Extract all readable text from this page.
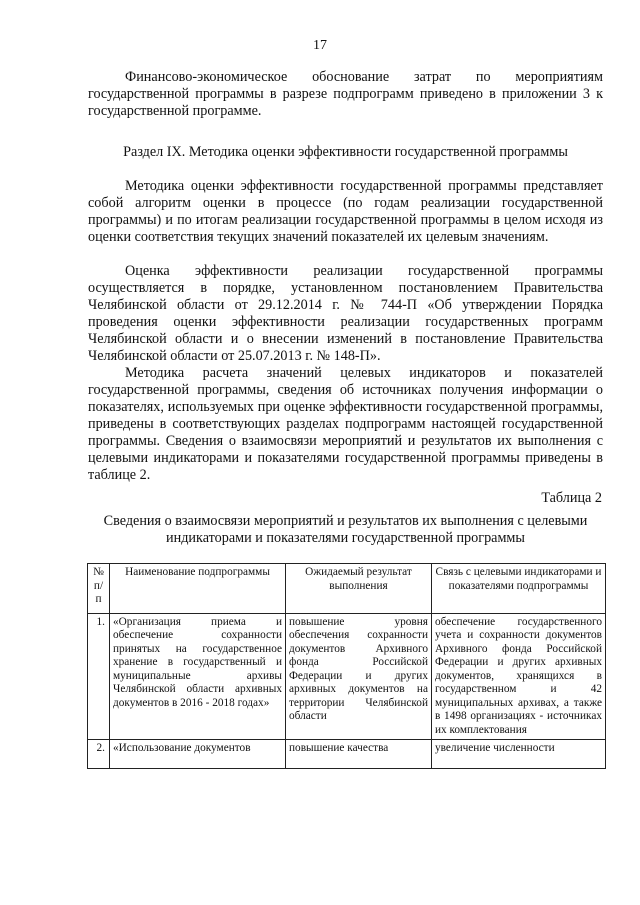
17

Финансово-экономическое обоснование затрат по мероприятиям государственной программы в разрезе подпрограмм приведено в приложении 3 к государственной программе.

Раздел IX. Методика оценки эффективности государственной программы

Методика оценки эффективности государственной программы представляет собой алгоритм оценки в процессе (по годам реализации государственной программы) и по итогам реализации государственной программы в целом исходя из оценки соответствия текущих значений показателей их целевым значениям.

Оценка эффективности реализации государственной программы осуществляется в порядке, установленном постановлением Правительства Челябинской области от 29.12.2014 г. № 744-П «Об утверждении Порядка проведения оценки эффективности реализации государственных программ Челябинской области и о внесении изменений в постановление Правительства Челябинской области от 25.07.2013 г. № 148-П».

Методика расчета значений целевых индикаторов и показателей государственной программы, сведения об источниках получения информации о показателях, используемых при оценке эффективности государственной программы, приведены в соответствующих разделах подпрограмм настоящей государственной программы. Сведения о взаимосвязи мероприятий и результатов их выполнения с целевыми индикаторами и показателями государственной программы приведены в таблице 2.

Таблица 2
Сведения о взаимосвязи мероприятий и результатов их выполнения с целевыми индикаторами и показателями государственной программы
№ п/п	Наименование подпрограммы	Ожидаемый результат выполнения	Связь с целевыми индикаторами и показателями подпрограммы
1.	«Организация приема и обеспечение сохранности принятых на государственное хранение в государственный и муниципальные архивы Челябинской области архивных документов в 2016 - 2018 годах»	повышение уровня обеспечения сохранности документов Архивного фонда Российской Федерации и других архивных документов на территории Челябинской области	обеспечение государственного учета и сохранности документов Архивного фонда Российской Федерации и других архивных документов, хранящихся в государственном и 42 муниципальных архивах, а также в 1498 организациях - источниках их комплектования

2.	«Использование документов	повышение качества	увеличение численности
